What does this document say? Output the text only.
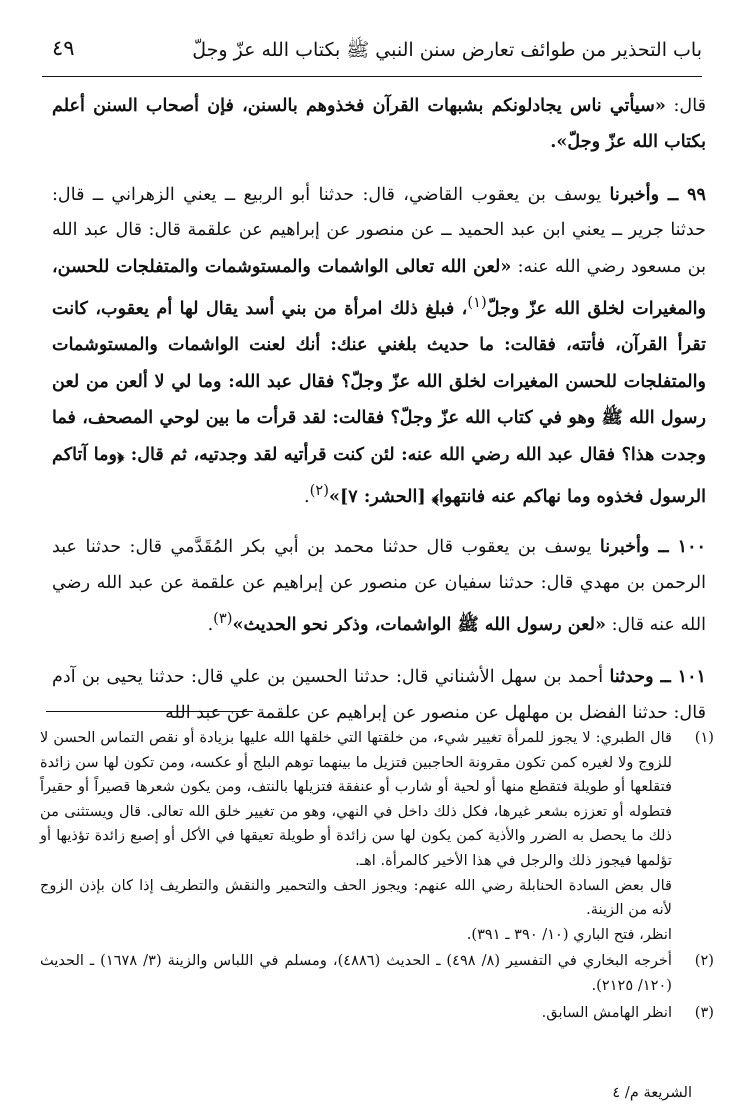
باب التحذير من طوائف تعارض سنن النبي ﷺ بكتاب الله عزّ وجلّ
٤٩

قال: «سيأتي ناس يجادلونكم بشبهات القرآن فخذوهم بالسنن، فإن أصحاب السنن أعلم بكتاب الله عزّ وجلّ».

٩٩ ــ وأخبرنا يوسف بن يعقوب القاضي، قال: حدثنا أبو الربيع ــ يعني الزهراني ــ قال: حدثنا جرير ــ يعني ابن عبد الحميد ــ عن منصور عن إبراهيم عن علقمة قال: قال عبد الله بن مسعود رضي الله عنه: «لعن الله تعالى الواشمات والمستوشمات والمتفلجات للحسن، والمغيرات لخلق الله عزّ وجلّ$^{(١)}$، فبلغ ذلك امرأة من بني أسد يقال لها أم يعقوب، كانت تقرأ القرآن، فأتته، فقالت: ما حديث بلغني عنك: أنك لعنت الواشمات والمستوشمات والمتفلجات للحسن المغيرات لخلق الله عزّ وجلّ؟ فقال عبد الله: وما لي لا ألعن من لعن رسول الله ﷺ وهو في كتاب الله عزّ وجلّ؟ فقالت: لقد قرأت ما بين لوحي المصحف، فما وجدت هذا؟ فقال عبد الله رضي الله عنه: لئن كنت قرأتيه لقد وجدتيه، ثم قال: ﴿وما آتاكم الرسول فخذوه وما نهاكم عنه فانتهوا﴾ [الحشر: ٧]»$^{(٢)}$.

١٠٠ ــ وأخبرنا يوسف بن يعقوب قال حدثنا محمد بن أبي بكر المُقَدَّمي قال: حدثنا عبد الرحمن بن مهدي قال: حدثنا سفيان عن منصور عن إبراهيم عن علقمة عن عبد الله رضي الله عنه قال: «لعن رسول الله ﷺ الواشمات، وذكر نحو الحديث»$^{(٣)}$.

١٠١ ــ وحدثنا أحمد بن سهل الأشناني قال: حدثنا الحسين بن علي قال: حدثنا يحيى بن آدم قال: حدثنا الفضل بن مهلهل عن منصور عن إبراهيم عن علقمة عن عبد الله

(١)

قال الطبري: لا يجوز للمرأة تغيير شيء، من خلقتها التي خلقها الله عليها بزيادة أو نقص التماس الحسن لا للزوج ولا لغيره كمن تكون مقرونة الحاجبين فتزيل ما بينهما توهم البلج أو عكسه، ومن تكون لها سن زائدة فتقلعها أو طويلة فتقطع منها أو لحية أو شارب أو عنفقة فتزيلها بالنتف، ومن يكون شعرها قصيراً أو حقيراً فتطوله أو تعززه بشعر غيرها، فكل ذلك داخل في النهي، وهو من تغيير خلق الله تعالى. قال ويستثنى من ذلك ما يحصل به الضرر والأذية كمن يكون لها سن زائدة أو طويلة تعيقها في الأكل أو إصبع زائدة تؤذيها أو تؤلمها فيجوز ذلك والرجل في هذا الأخير كالمرأة. اهـ.

قال بعض السادة الحنابلة رضي الله عنهم: ويجوز الحف والتحمير والنقش والتطريف إذا كان بإذن الزوج لأنه من الزينة.

انظر، فتح الباري (١٠/ ٣٩٠ ـ ٣٩١).

(٢)

أخرجه البخاري في التفسير (٨/ ٤٩٨) ـ الحديث (٤٨٨٦)، ومسلم في اللباس والزينة (٣/ ١٦٧٨) ـ الحديث (١٢٠/ ٢١٢٥).

(٣)

انظر الهامش السابق.

الشريعة م/ ٤
